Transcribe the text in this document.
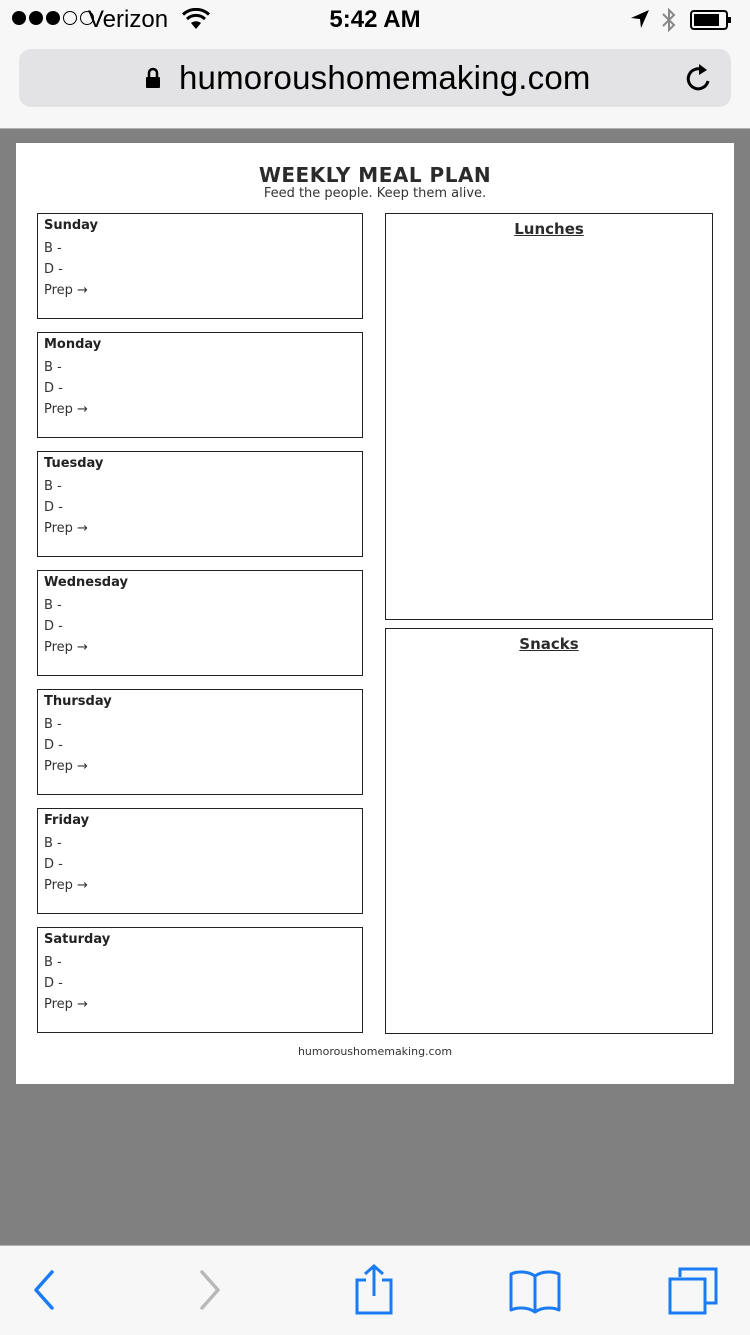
Verizon	5:42 AM
humoroushomemaking.com
WEEKLY MEAL PLAN
Feed the people. Keep them alive.
Sunday
B -
D -
Prep →
Monday
B -
D -
Prep →
Tuesday
B -
D -
Prep →
Wednesday
B -
D -
Prep →
Thursday
B -
D -
Prep →
Friday
B -
D -
Prep →
Saturday
B -
D -
Prep →
Lunches
Snacks
humoroushomemaking.com
